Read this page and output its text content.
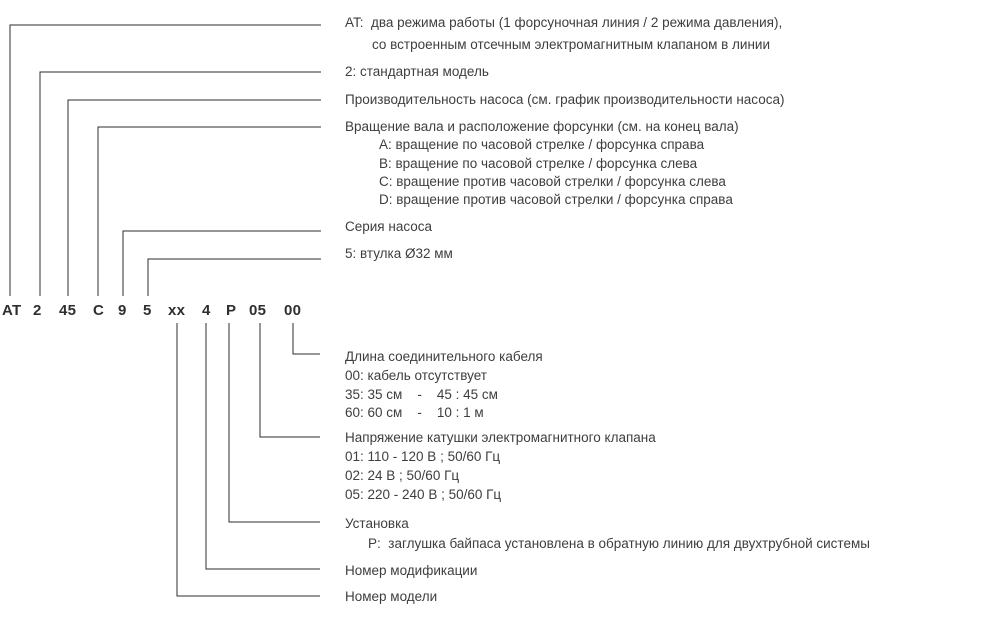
AT 2 45 C 9 5 xx 4 P 05 00
AT:  два режима работы (1 форсуночная линия / 2 режима давления),
со встроенным отсечным электромагнитным клапаном в линии
2: стандартная модель
Производительность насоса (см. график производительности насоса)
Вращение вала и расположение форсунки (см. на конец вала)
A: вращение по часовой стрелке / форсунка справа
B: вращение по часовой стрелке / форсунка слева
C: вращение против часовой стрелки / форсунка слева
D: вращение против часовой стрелки / форсунка справа
Серия насоса
5: втулка Ø32 мм
Длина соединительного кабеля
00: кабель отсутствует
35: 35 см    -    45 : 45 см
60: 60 см    -    10 : 1 м
Напряжение катушки электромагнитного клапана
01: 110 - 120 В ; 50/60 Гц
02: 24 В ; 50/60 Гц
05: 220 - 240 В ; 50/60 Гц
Установка
P:  заглушка байпаса установлена в обратную линию для двухтрубной системы
Номер модификации
Номер модели
